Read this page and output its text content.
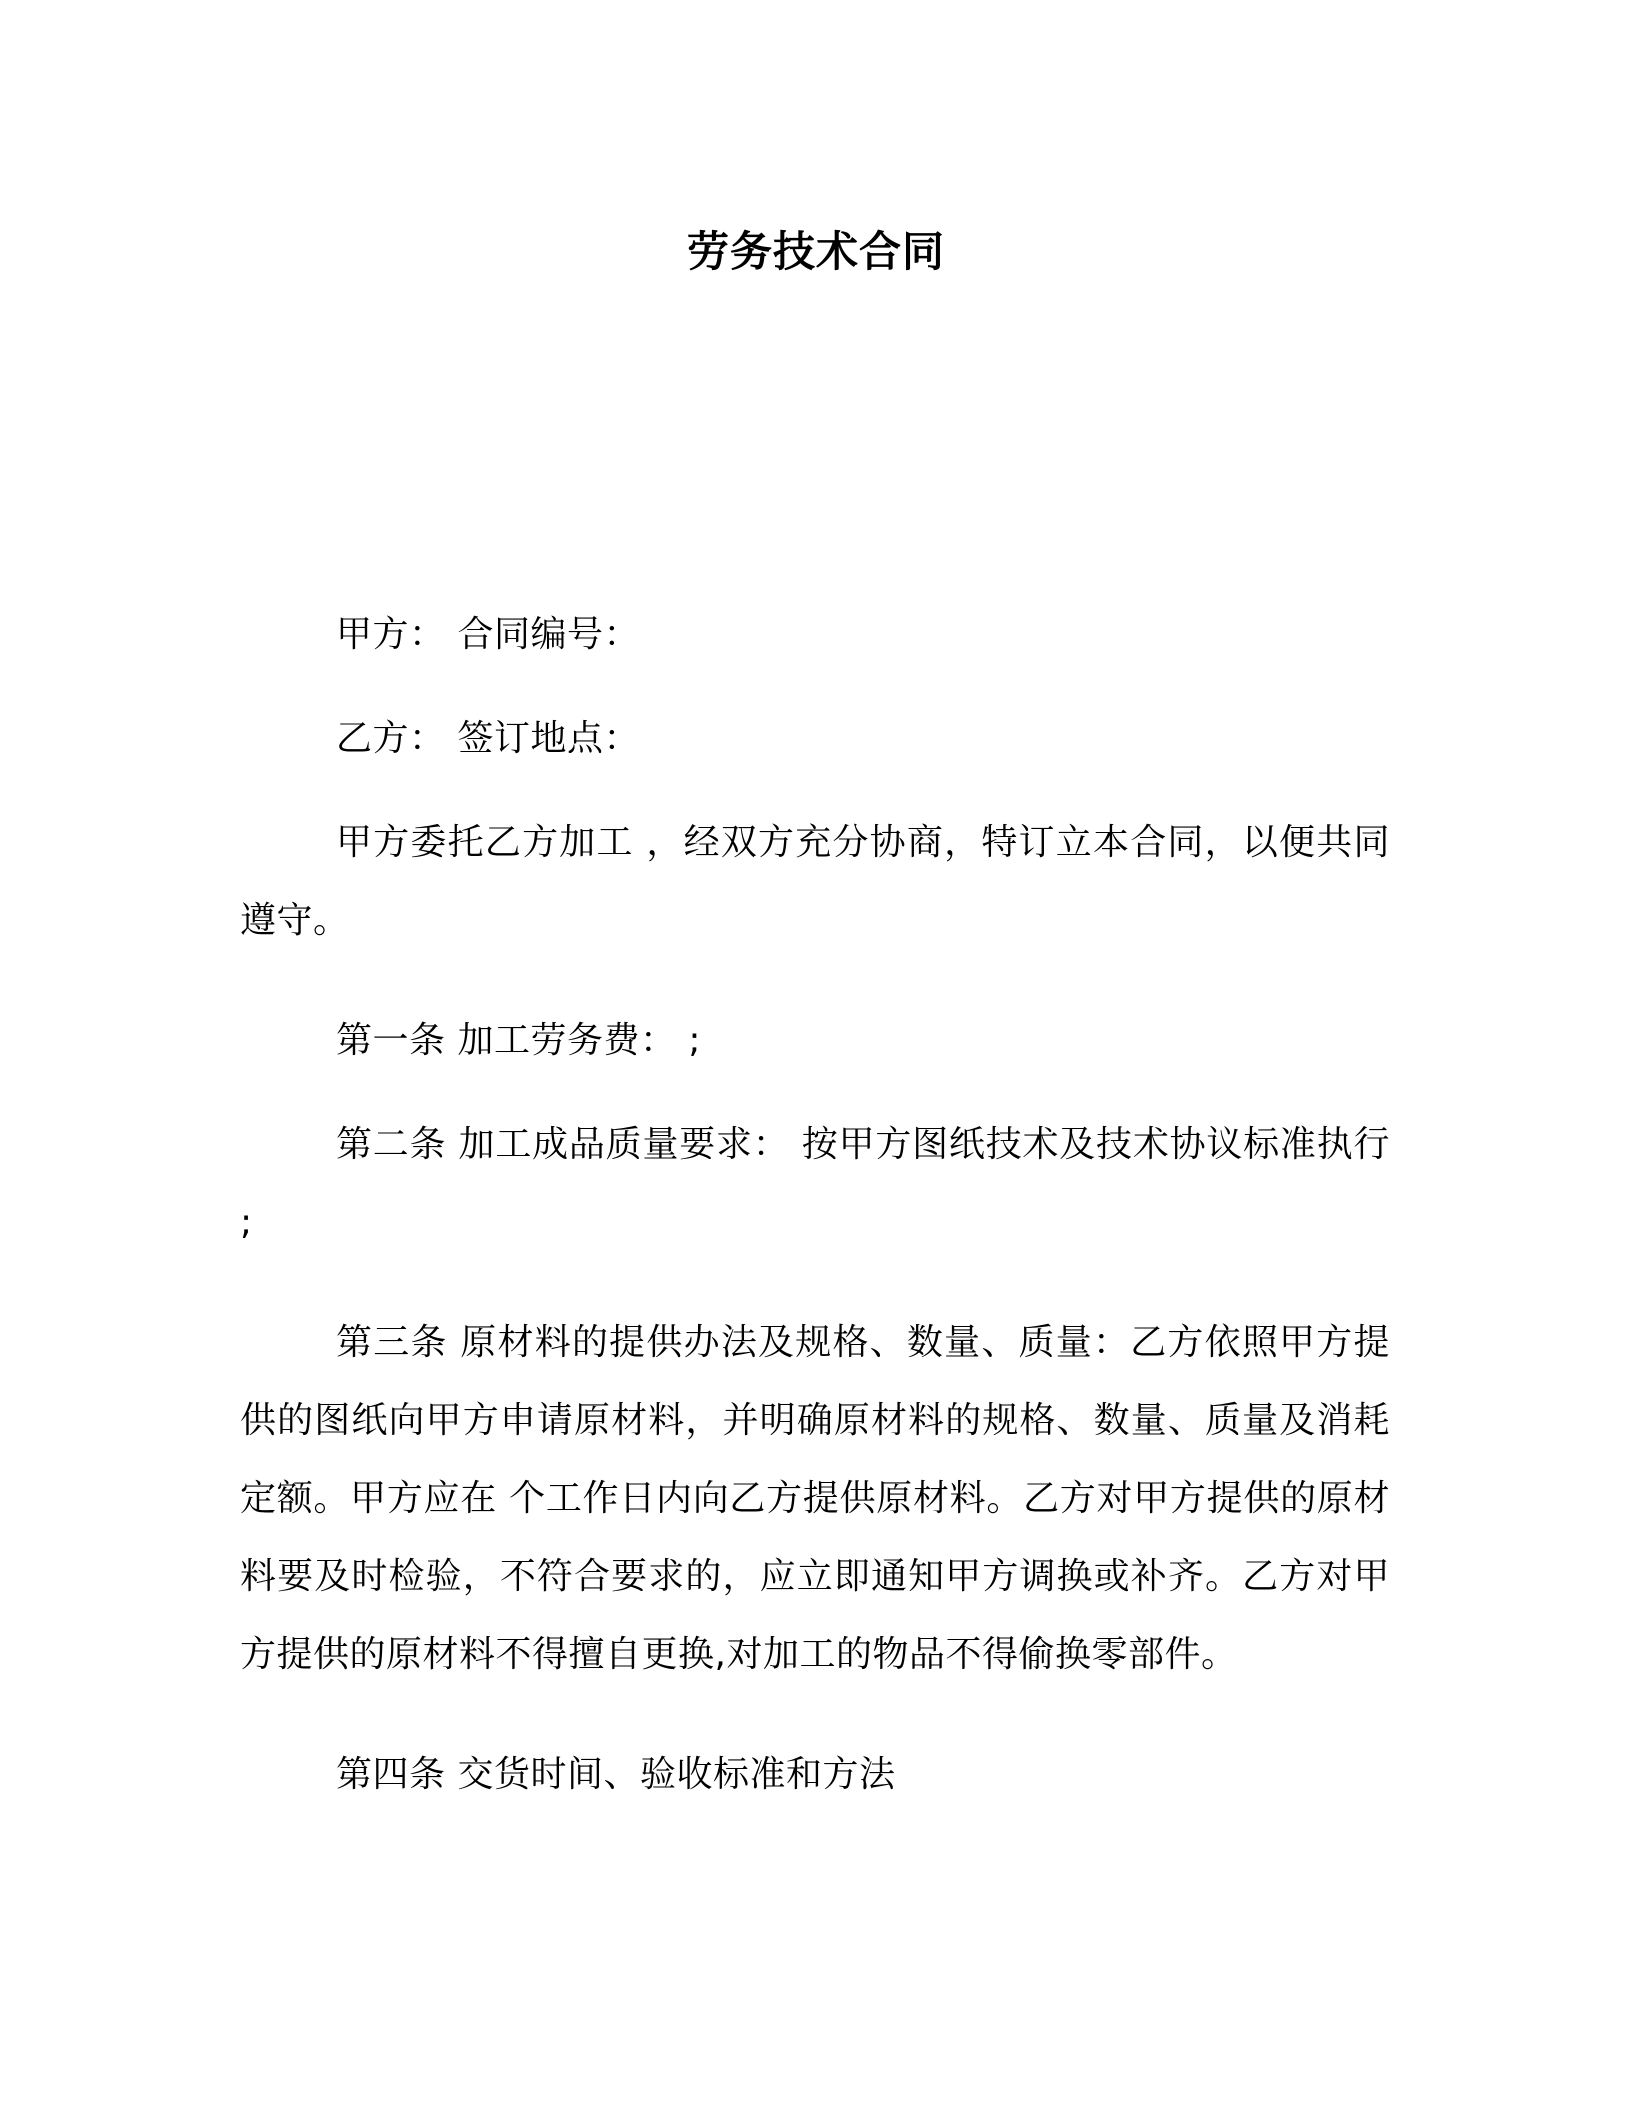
劳务技术合同

甲方： 合同编号：

乙方： 签订地点：

甲方委托乙方加工 ，经双方充分协商，特订立本合同，以便共同遵守。

第一条 加工劳务费： ;

第二条 加工成品质量要求： 按甲方图纸技术及技术协议标准执行 ;

第三条 原材料的提供办法及规格、数量、质量：乙方依照甲方提供的图纸向甲方申请原材料，并明确原材料的规格、数量、质量及消耗定额。甲方应在 个工作日内向乙方提供原材料。乙方对甲方提供的原材料要及时检验，不符合要求的，应立即通知甲方调换或补齐。乙方对甲方提供的原材料不得擅自更换,对加工的物品不得偷换零部件。

第四条 交货时间、验收标准和方法
